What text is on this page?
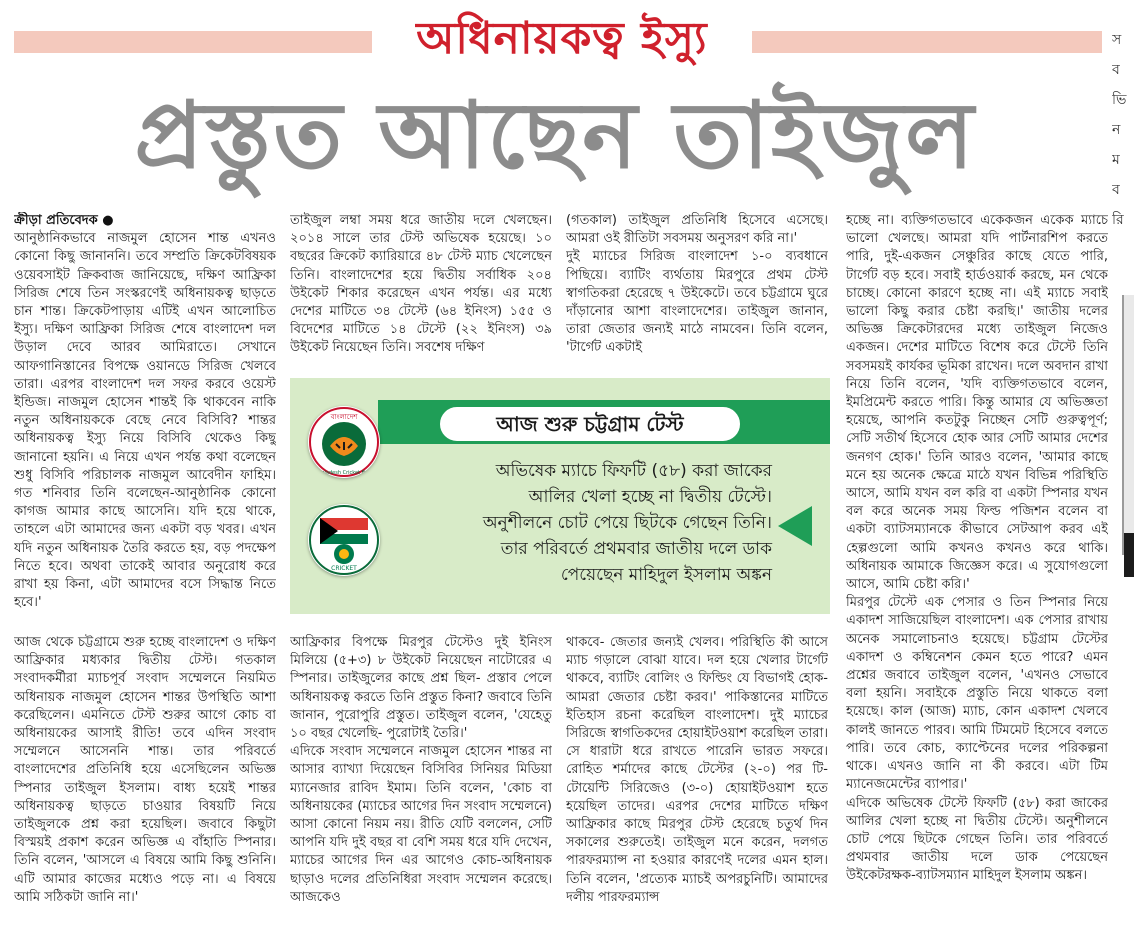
অধিনায়কত্ব ইস্যু
প্রস্তুত আছেন তাইজুল

ক্রীড়া প্রতিবেদক ●

আনুষ্ঠানিকভাবে নাজমুল হোসেন শান্ত এখনও কোনো কিছু জানাননি। তবে সম্প্রতি ক্রিকেটবিষয়ক ওয়েবসাইট ক্রিকবাজ জানিয়েছে, দক্ষিণ আফ্রিকা সিরিজ শেষে তিন সংস্করণেই অধিনায়কত্ব ছাড়তে চান শান্ত। ক্রিকেটপাড়ায় এটিই এখন আলোচিত ইস্যু। দক্ষিণ আফ্রিকা সিরিজ শেষে বাংলাদেশ দল উড়াল দেবে আরব আমিরাতে। সেখানে আফগানিস্তানের বিপক্ষে ওয়ানডে সিরিজ খেলবে তারা। এরপর বাংলাদেশ দল সফর করবে ওয়েস্ট ইন্ডিজ। নাজমুল হোসেন শান্তই কি থাকবেন নাকি নতুন অধিনায়ককে বেছে নেবে বিসিবি? শান্তর অধিনায়কত্ব ইস্যু নিয়ে বিসিবি থেকেও কিছু জানানো হয়নি। এ নিয়ে এখন পর্যন্ত কথা বলেছেন শুধু বিসিবি পরিচালক নাজমুল আবেদীন ফাহিম। গত শনিবার তিনি বলেছেন-আনুষ্ঠানিক কোনো কাগজ আমার কাছে আসেনি। যদি হয়ে থাকে, তাহলে এটা আমাদের জন্য একটা বড় খবর। এখন যদি নতুন অধিনায়ক তৈরি করতে হয়, বড় পদক্ষেপ নিতে হবে। অথবা তাকেই আবার অনুরোধ করে রাখা হয় কিনা, এটা আমাদের বসে সিদ্ধান্ত নিতে হবে।'

আজ থেকে চট্টগ্রামে শুরু হচ্ছে বাংলাদেশ ও দক্ষিণ আফ্রিকার মধ্যকার দ্বিতীয় টেস্ট। গতকাল সংবাদকর্মীরা ম্যাচপূর্ব সংবাদ সম্মেলনে নিয়মিত অধিনায়ক নাজমুল হোসেন শান্তর উপস্থিতি আশা করেছিলেন। এমনিতে টেস্ট শুরুর আগে কোচ বা অধিনায়কের আসাই রীতি! তবে এদিন সংবাদ সম্মেলনে আসেননি শান্ত। তার পরিবর্তে বাংলাদেশের প্রতিনিধি হয়ে এসেছিলেন অভিজ্ঞ স্পিনার তাইজুল ইসলাম। বাধ্য হয়েই শান্তর অধিনায়কত্ব ছাড়তে চাওয়ার বিষয়টি নিয়ে তাইজুলকে প্রশ্ন করা হয়েছিল। জবাবে কিছুটা বিস্ময়ই প্রকাশ করেন অভিজ্ঞ এ বাঁহাতি স্পিনার। তিনি বলেন, 'আসলে এ বিষয়ে আমি কিছু শুনিনি। এটি আমার কাজের মধ্যেও পড়ে না। এ বিষয়ে আমি সঠিকটা জানি না।'

তাইজুল লম্বা সময় ধরে জাতীয় দলে খেলছেন। ২০১৪ সালে তার টেস্ট অভিষেক হয়েছে। ১০ বছরের ক্রিকেট ক্যারিয়ারে ৪৮ টেস্ট ম্যাচ খেলেছেন তিনি। বাংলাদেশের হয়ে দ্বিতীয় সর্বাধিক ২০৪ উইকেট শিকার করেছেন এখন পর্যন্ত। এর মধ্যে দেশের মাটিতে ৩৪ টেস্টে (৬৪ ইনিংস) ১৫৫ ও বিদেশের মাটিতে ১৪ টেস্টে (২২ ইনিংস) ৩৯ উইকেট নিয়েছেন তিনি। সবশেষ দক্ষিণ

আফ্রিকার বিপক্ষে মিরপুর টেস্টেও দুই ইনিংস মিলিয়ে (৫+৩) ৮ উইকেট নিয়েছেন নাটোরের এ স্পিনার। তাইজুলের কাছে প্রশ্ন ছিল- প্রস্তাব পেলে অধিনায়কত্ব করতে তিনি প্রস্তুত কিনা? জবাবে তিনি জানান, পুরোপুরি প্রস্তুত। তাইজুল বলেন, 'যেহেতু ১০ বছর খেলেছি- পুরোটাই তৈরি।'

এদিকে সংবাদ সম্মেলনে নাজমুল হোসেন শান্তর না আসার ব্যাখ্যা দিয়েছেন বিসিবির সিনিয়র মিডিয়া ম্যানেজার রাবিদ ইমাম। তিনি বলেন, 'কোচ বা অধিনায়কের (ম্যাচের আগের দিন সংবাদ সম্মেলনে) আসা কোনো নিয়ম নয়। রীতি যেটি বললেন, সেটি আপনি যদি দুই বছর বা বেশি সময় ধরে যদি দেখেন, ম্যাচের আগের দিন এর আগেও কোচ-অধিনায়ক ছাড়াও দলের প্রতিনিধিরা সংবাদ সম্মেলন করেছে। আজকেও

(গতকাল) তাইজুল প্রতিনিধি হিসেবে এসেছে। আমরা ওই রীতিটা সবসময় অনুসরণ করি না।'

দুই ম্যাচের সিরিজ বাংলাদেশ ১-০ ব্যবধানে পিছিয়ে। ব্যাটিং ব্যর্থতায় মিরপুরে প্রথম টেস্ট স্বাগতিকরা হেরেছে ৭ উইকেটে। তবে চট্টগ্রামে ঘুরে দাঁড়ানোর আশা বাংলাদেশের। তাইজুল জানান, তারা জেতার জন্যই মাঠে নামবেন। তিনি বলেন, 'টার্গেট একটাই

থাকবে- জেতার জন্যই খেলব। পরিস্থিতি কী আসে ম্যাচ গড়ালে বোঝা যাবে। দল হয়ে খেলার টার্গেট থাকবে, ব্যাটিং বোলিং ও ফিল্ডিং যে বিভাগই হোক- আমরা জেতার চেষ্টা করব।' পাকিস্তানের মাটিতে ইতিহাস রচনা করেছিল বাংলাদেশ। দুই ম্যাচের সিরিজে স্বাগতিকদের হোয়াইটওয়াশ করেছিল তারা। সে ধারাটা ধরে রাখতে পারেনি ভারত সফরে। রোহিত শর্মাদের কাছে টেস্টের (২-০) পর টি-টোয়েন্টি সিরিজেও (৩-০) হোয়াইটওয়াশ হতে হয়েছিল তাদের। এরপর দেশের মাটিতে দক্ষিণ আফ্রিকার কাছে মিরপুর টেস্ট হেরেছে চতুর্থ দিন সকালের শুরুতেই। তাইজুল মনে করেন, দলগত পারফরম্যান্স না হওয়ার কারণেই দলের এমন হাল। তিনি বলেন, 'প্রত্যেক ম্যাচই অপরচুনিটি। আমাদের দলীয় পারফরম্যান্স

হচ্ছে না। ব্যক্তিগতভাবে একেকজন একেক ম্যাচে ভালো খেলছে। আমরা যদি পার্টনারশিপ করতে পারি, দুই-একজন সেঞ্চুরির কাছে যেতে পারি, টার্গেট বড় হবে। সবাই হার্ডওয়ার্ক করছে, মন থেকে চাচ্ছে। কোনো কারণে হচ্ছে না। এই ম্যাচে সবাই ভালো কিছু করার চেষ্টা করছি।' জাতীয় দলের অভিজ্ঞ ক্রিকেটারদের মধ্যে তাইজুল নিজেও একজন। দেশের মাটিতে বিশেষ করে টেস্টে তিনি সবসময়ই কার্যকর ভূমিকা রাখেন। দলে অবদান রাখা নিয়ে তিনি বলেন, 'যদি ব্যক্তিগতভাবে বলেন, ইমপ্রিমেন্ট করতে পারি। কিন্তু আমার যে অভিজ্ঞতা হয়েছে, আপনি কতটুকু নিচ্ছেন সেটি গুরুত্বপূর্ণ; সেটি সতীর্থ হিসেবে হোক আর সেটি আমার দেশের জনগণ হোক।' তিনি আরও বলেন, 'আমার কাছে মনে হয় অনেক ক্ষেত্রে মাঠে যখন বিভিন্ন পরিস্থিতি আসে, আমি যখন বল করি বা একটা স্পিনার যখন বল করে অনেক সময় ফিল্ড পজিশন বলেন বা একটা ব্যাটসম্যানকে কীভাবে সেটআপ করব এই হেল্পগুলো আমি কখনও কখনও করে থাকি। অধিনায়ক আমাকে জিজ্ঞেস করে। এ সুযোগগুলো আসে, আমি চেষ্টা করি।'

মিরপুর টেস্টে এক পেসার ও তিন স্পিনার নিয়ে একাদশ সাজিয়েছিল বাংলাদেশ। এক পেসার রাখায় অনেক সমালোচনাও হয়েছে। চট্টগ্রাম টেস্টের একাদশ ও কম্বিনেশন কেমন হতে পারে? এমন প্রশ্নের জবাবে তাইজুল বলেন, 'এখনও সেভাবে বলা হয়নি। সবাইকে প্রস্তুতি নিয়ে থাকতে বলা হয়েছে। কাল (আজ) ম্যাচ, কোন একাদশ খেলবে কালই জানতে পারব। আমি টিমমেট হিসেবে বলতে পারি। তবে কোচ, ক্যাপ্টেনের দলের পরিকল্পনা থাকে। এখনও জানি না কী করবে। এটা টিম ম্যানেজমেন্টের ব্যাপার।'

এদিকে অভিষেক টেস্টে ফিফটি (৫৮) করা জাকের আলির খেলা হচ্ছে না দ্বিতীয় টেস্টে। অনুশীলনে চোট পেয়ে ছিটকে গেছেন তিনি। তার পরিবর্তে প্রথমবার জাতীয় দলে ডাক পেয়েছেন উইকেটরক্ষক-ব্যাটসম্যান মাহিদুল ইসলাম অঙ্কন।

আজ শুরু চট্টগ্রাম টেস্ট
বাংলাদেশ
Bangladesh Cricket Board
CRICKET
অভিষেক ম্যাচে ফিফটি (৫৮) করা জাকের
আলির খেলা হচ্ছে না দ্বিতীয় টেস্টে।
অনুশীলনে চোট পেয়ে ছিটকে গেছেন তিনি।
তার পরিবর্তে প্রথমবার জাতীয় দলে ডাক
পেয়েছেন মাহিদুল ইসলাম অঙ্কন
স
ব
ভি
ন
ম
ব
রি
